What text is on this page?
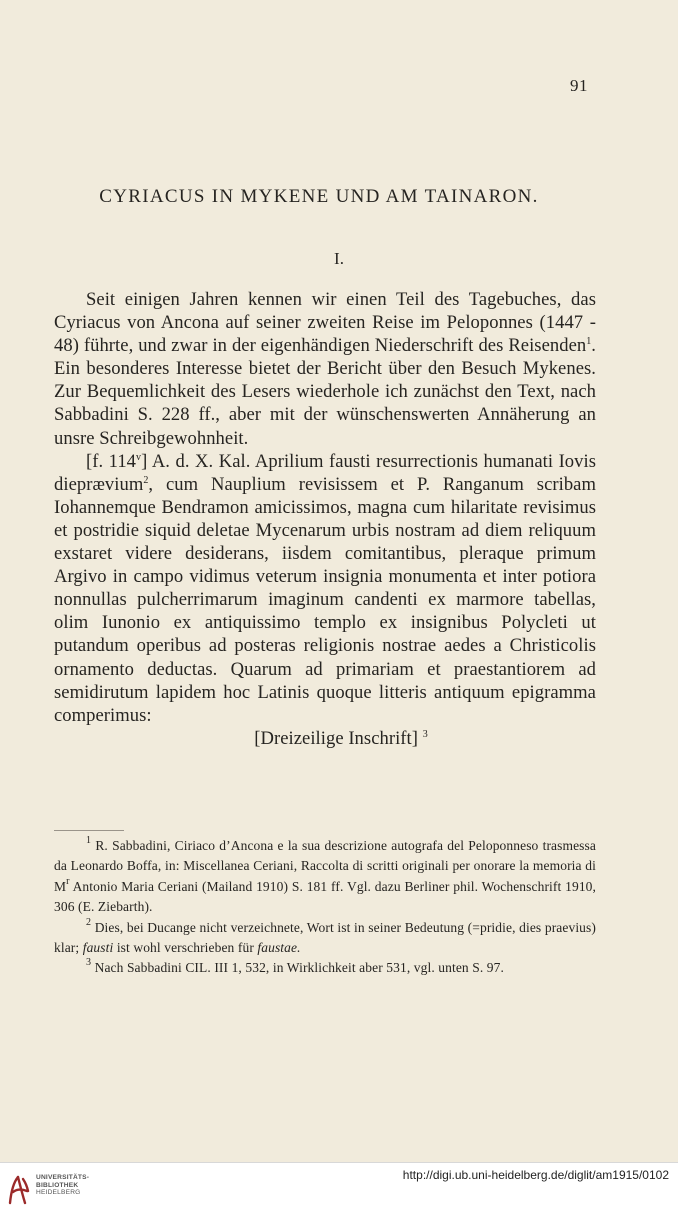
91
CYRIACUS IN MYKENE UND AM TAINARON.
I.

Seit einigen Jahren kennen wir einen Teil des Tagebuches, das Cyriacus von Ancona auf seiner zweiten Reise im Peloponnes (1447 - 48) führte, und zwar in der eigenhändigen Niederschrift des Reisenden$^1$. Ein besonderes Interesse bietet der Bericht über den Besuch Mykenes. Zur Bequemlichkeit des Lesers wiederhole ich zunächst den Text, nach Sabbadini S. 228 ff., aber mit der wünschenswerten Annäherung an unsre Schreibgewohnheit.

[f. 114$^v$] A. d. X. Kal. Aprilium fausti resurrectionis humanati Iovis dieprævium$^2$, cum Nauplium revisissem et P. Ranganum scribam Iohannemque Bendramon amicissimos, magna cum hilaritate revisimus et postridie siquid deletae Mycenarum urbis nostram ad diem reliquum exstaret videre desiderans, iisdem comitantibus, pleraque primum Argivo in campo vidimus veterum insignia monumenta et inter potiora nonnullas pulcherrimarum imaginum candenti ex marmore tabellas, olim Iunonio ex antiquissimo templo ex insignibus Polycleti ut putandum operibus ad posteras religionis nostrae aedes a Christicolis ornamento deductas. Quarum ad primariam et praestantiorem ad semidirutum lapidem hoc Latinis quoque litteris antiquum epigramma comperimus:

[Dreizeilige Inschrift] $^3$

$^1$ R. Sabbadini, Ciriaco d’Ancona e la sua descrizione autografa del Peloponneso trasmessa da Leonardo Boffa, in: Miscellanea Ceriani, Raccolta di scritti originali per onorare la memoria di $M^r$ Antonio Maria Ceriani (Mailand 1910) S. 181 ff. Vgl. dazu Berliner phil. Wochenschrift 1910, 306 (E. Ziebarth).

$^2$ Dies, bei Ducange nicht verzeichnete, Wort ist in seiner Bedeutung (=pridie, dies praevius) klar; fausti ist wohl verschrieben für faustae.

$^3$ Nach Sabbadini CIL. III 1, 532, in Wirklichkeit aber 531, vgl. unten S. 97.

UNIVERSITÄTS-
BIBLIOTHEK
HEIDELBERG
http://digi.ub.uni-heidelberg.de/diglit/am1915/0102
